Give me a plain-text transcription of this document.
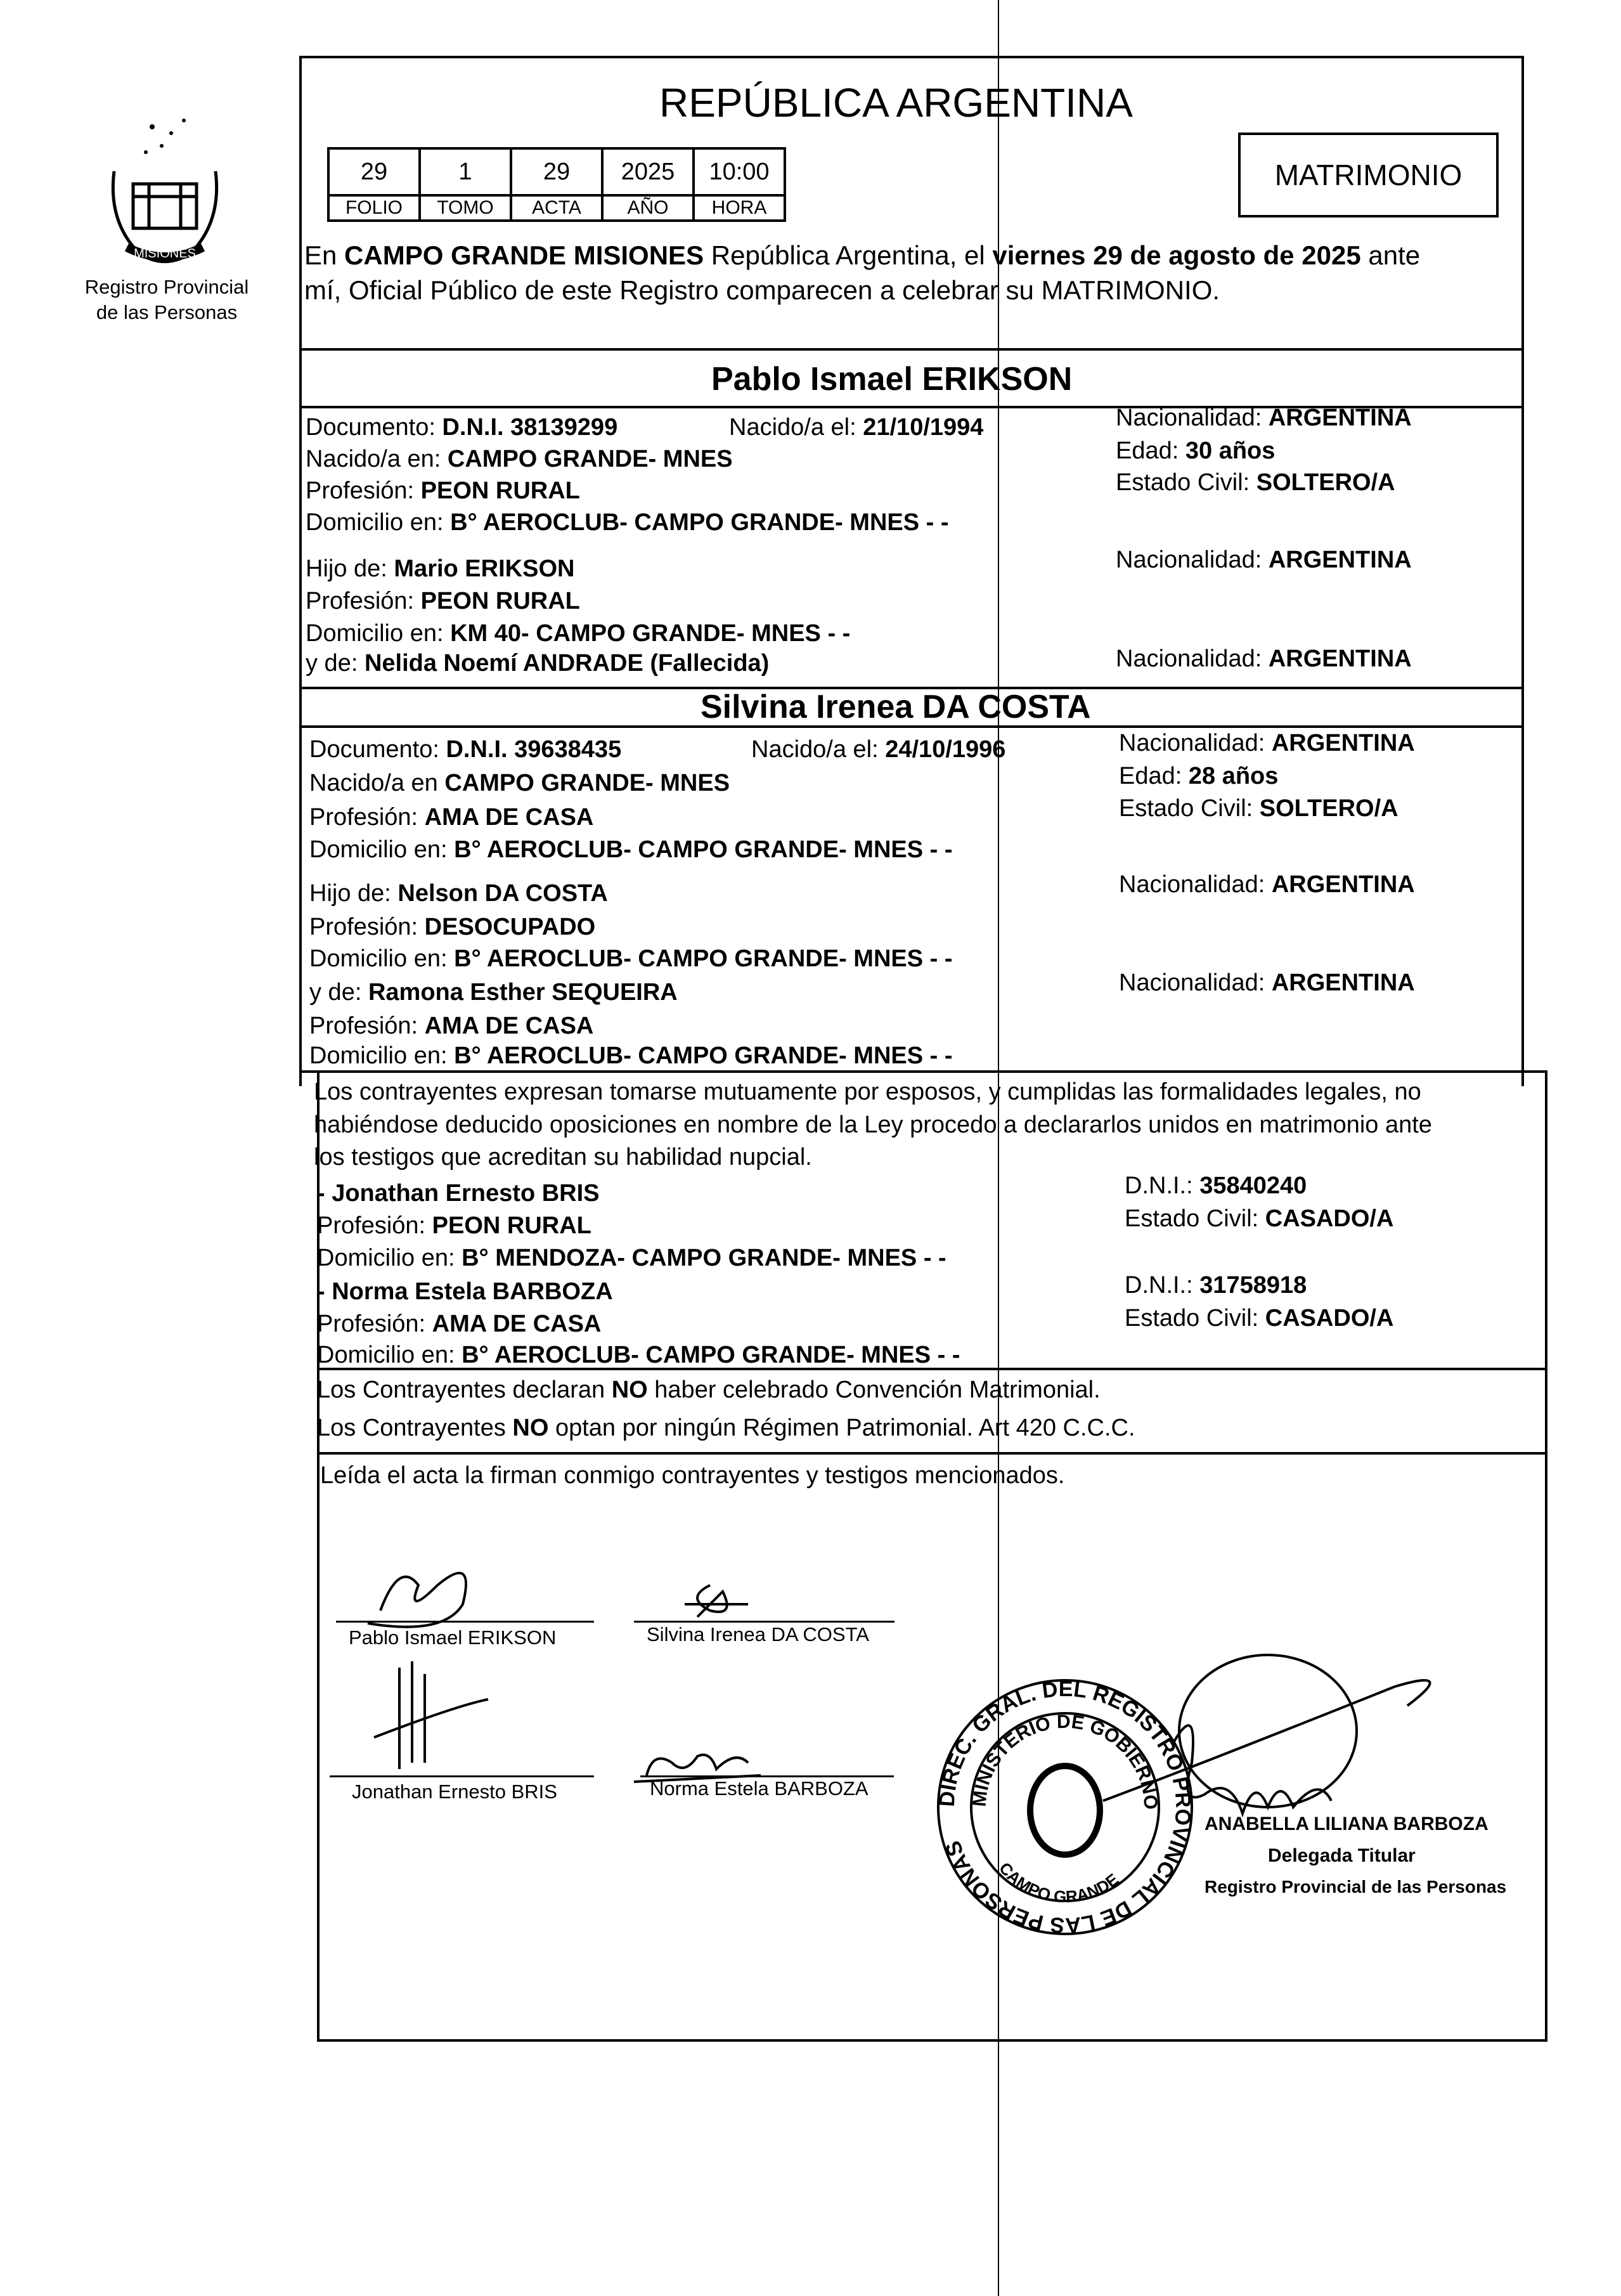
MISIONES
Registro Provincial
de las Personas
REPÚBLICA ARGENTINA
29	1	29	2025	10:00
FOLIO	TOMO	ACTA	AÑO	HORA
MATRIMONIO
En CAMPO GRANDE MISIONES República Argentina, el viernes 29 de agosto de 2025 ante
mí, Oficial Público de este Registro comparecen a celebrar su MATRIMONIO.
Pablo Ismael ERIKSON
Documento: D.N.I. 38139299	Nacido/a el: 21/10/1994
Nacido/a en: CAMPO GRANDE- MNES
Profesión: PEON RURAL
Domicilio en: B° AEROCLUB- CAMPO GRANDE- MNES - -
Nacionalidad: ARGENTINA
Edad: 30 años
Estado Civil: SOLTERO/A
Hijo de: Mario ERIKSON
Profesión: PEON RURAL
Domicilio en: KM 40- CAMPO GRANDE- MNES - -
Nacionalidad: ARGENTINA
y de: Nelida Noemí ANDRADE (Fallecida)	Nacionalidad: ARGENTINA
Silvina Irenea DA COSTA
Documento: D.N.I. 39638435	Nacido/a el: 24/10/1996
Nacido/a en CAMPO GRANDE- MNES
Profesión: AMA DE CASA
Domicilio en: B° AEROCLUB- CAMPO GRANDE- MNES - -
Nacionalidad: ARGENTINA
Edad: 28 años
Estado Civil: SOLTERO/A
Hijo de: Nelson DA COSTA
Profesión: DESOCUPADO
Domicilio en: B° AEROCLUB- CAMPO GRANDE- MNES - -
Nacionalidad: ARGENTINA
y de: Ramona Esther SEQUEIRA
Profesión: AMA DE CASA
Domicilio en: B° AEROCLUB- CAMPO GRANDE- MNES - -
Nacionalidad: ARGENTINA
Los contrayentes expresan tomarse mutuamente por esposos, y cumplidas las formalidades legales, no
habiéndose deducido oposiciones en nombre de la Ley procedo a declararlos unidos en matrimonio ante
los testigos que acreditan su habilidad nupcial.
- Jonathan Ernesto BRIS
Profesión: PEON RURAL
Domicilio en: B° MENDOZA- CAMPO GRANDE- MNES - -
D.N.I.: 35840240
Estado Civil: CASADO/A
- Norma Estela BARBOZA
Profesión: AMA DE CASA
Domicilio en: B° AEROCLUB- CAMPO GRANDE- MNES - -
D.N.I.: 31758918
Estado Civil: CASADO/A
Los Contrayentes declaran NO haber celebrado Convención Matrimonial.
Los Contrayentes NO optan por ningún Régimen Patrimonial. Art 420 C.C.C.
Leída el acta la firman conmigo contrayentes y testigos mencionados.
Pablo Ismael ERIKSON	Silvina Irenea DA COSTA
Jonathan Ernesto BRIS	Norma Estela BARBOZA	DIREC. GRAL. DEL REGISTRO PROVINCIAL DE LAS PERSONAS
MINISTERIO DE GOBIERNO
CAMPO GRANDE
ANABELLA LILIANA BARBOZA
Delegada Titular
Registro Provincial de las Personas
